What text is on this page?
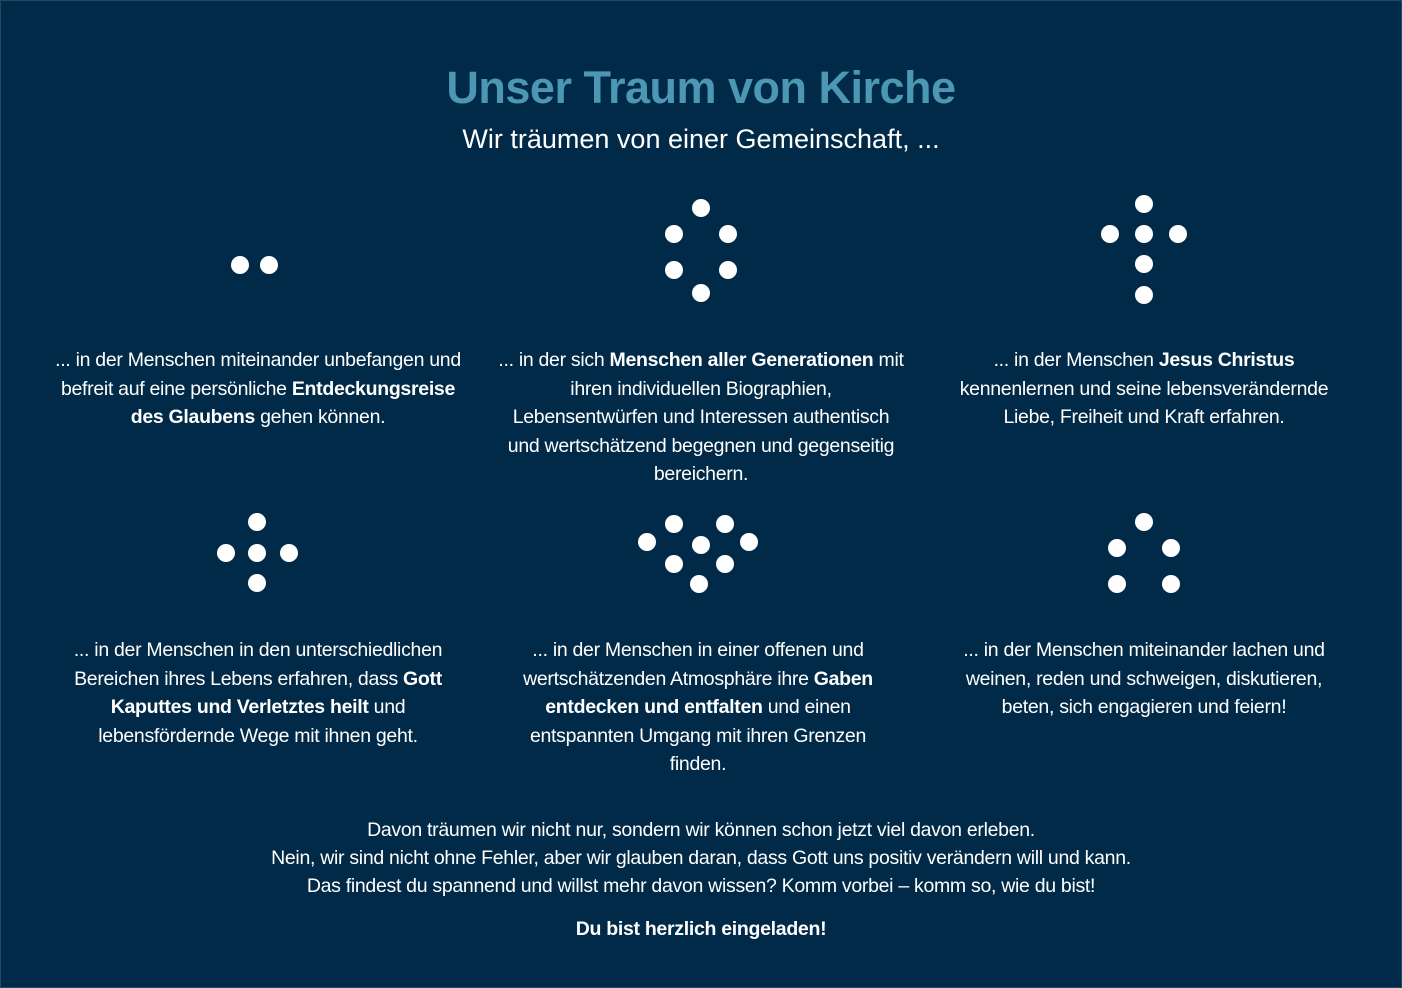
Unser Traum von Kirche
Wir träumen von einer Gemeinschaft, ...
... in der Menschen miteinander unbefangen und befreit auf eine persönliche Entdeckungsreise des Glaubens gehen können.
... in der sich Menschen aller Generationen mit ihren individuellen Biographien, Lebensentwürfen und Interessen authentisch und wertschätzend begegnen und gegenseitig bereichern.
... in der Menschen Jesus Christus kennenlernen und seine lebensverändernde Liebe, Freiheit und Kraft erfahren.
... in der Menschen in den unterschiedlichen Bereichen ihres Lebens erfahren, dass Gott Kaputtes und Verletztes heilt und lebensfördernde Wege mit ihnen geht.
... in der Menschen in einer offenen und wertschätzenden Atmosphäre ihre Gaben entdecken und entfalten und einen entspannten Umgang mit ihren Grenzen finden.
... in der Menschen miteinander lachen und weinen, reden und schweigen, diskutieren, beten, sich engagieren und feiern!
Davon träumen wir nicht nur, sondern wir können schon jetzt viel davon erleben.
Nein, wir sind nicht ohne Fehler, aber wir glauben daran, dass Gott uns positiv verändern will und kann.
Das findest du spannend und willst mehr davon wissen? Komm vorbei – komm so, wie du bist!
Du bist herzlich eingeladen!
